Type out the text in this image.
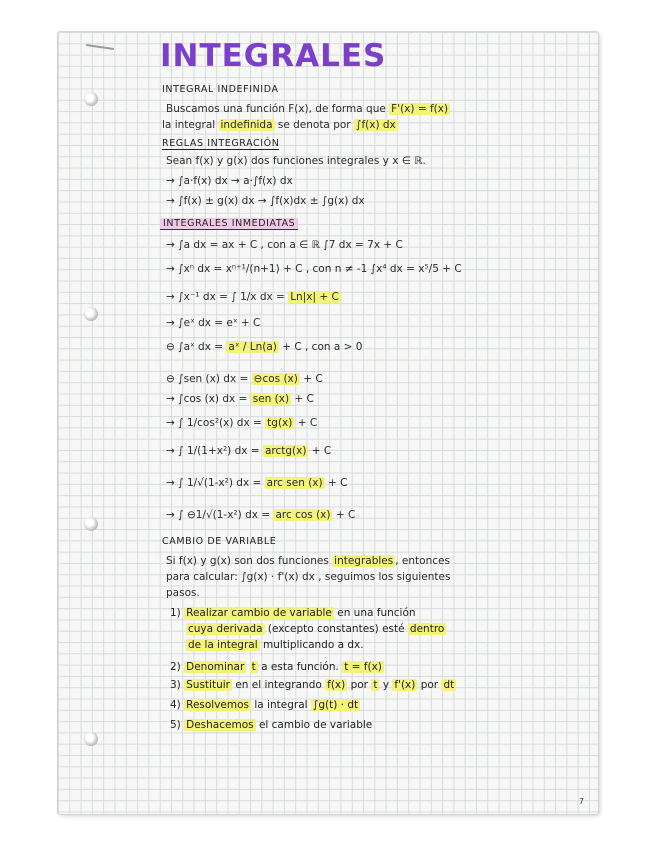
INTEGRALES
INTEGRAL INDEFINIDA
Buscamos una función F(x), de forma que F'(x) = f(x)
la integral indefinida se denota por ∫f(x) dx
REGLAS INTEGRACIÓN
Sean f(x) y g(x) dos funciones integrales y x ∈ ℝ.
→ ∫a·f(x) dx → a·∫f(x) dx
→ ∫f(x) ± g(x) dx → ∫f(x)dx ± ∫g(x) dx
INTEGRALES INMEDIATAS
→ ∫a dx = ax + C , con a ∈ ℝ ∫7 dx = 7x + C
→ ∫xⁿ dx = xⁿ⁺¹/(n+1) + C , con n ≠ -1 ∫x⁴ dx = x⁵/5 + C
→ ∫x⁻¹ dx = ∫ 1/x dx = Ln|x| + C
→ ∫eˣ dx = eˣ + C
⊖ ∫aˣ dx = aˣ / Ln(a) + C , con a > 0
⊖ ∫sen (x) dx = ⊖cos (x) + C
→ ∫cos (x) dx = sen (x) + C
→ ∫ 1/cos²(x) dx = tg(x) + C
→ ∫ 1/(1+x²) dx = arctg(x) + C
→ ∫ 1/√(1-x²) dx = arc sen (x) + C
→ ∫ ⊖1/√(1-x²) dx = arc cos (x) + C
CAMBIO DE VARIABLE
Si f(x) y g(x) son dos funciones integrables , entonces
para calcular: ∫g(x) · f'(x) dx , seguimos los siguientes
pasos.
1) Realizar cambio de variable en una función
cuya derivada (excepto constantes) esté dentro
de la integral multiplicando a dx.
2) Denominar t a esta función. t = f(x)
3) Sustituir en el integrando f(x) por t y f'(x) por dt
4) Resolvemos la integral ∫g(t) · dt
5) Deshacemos el cambio de variable
7
